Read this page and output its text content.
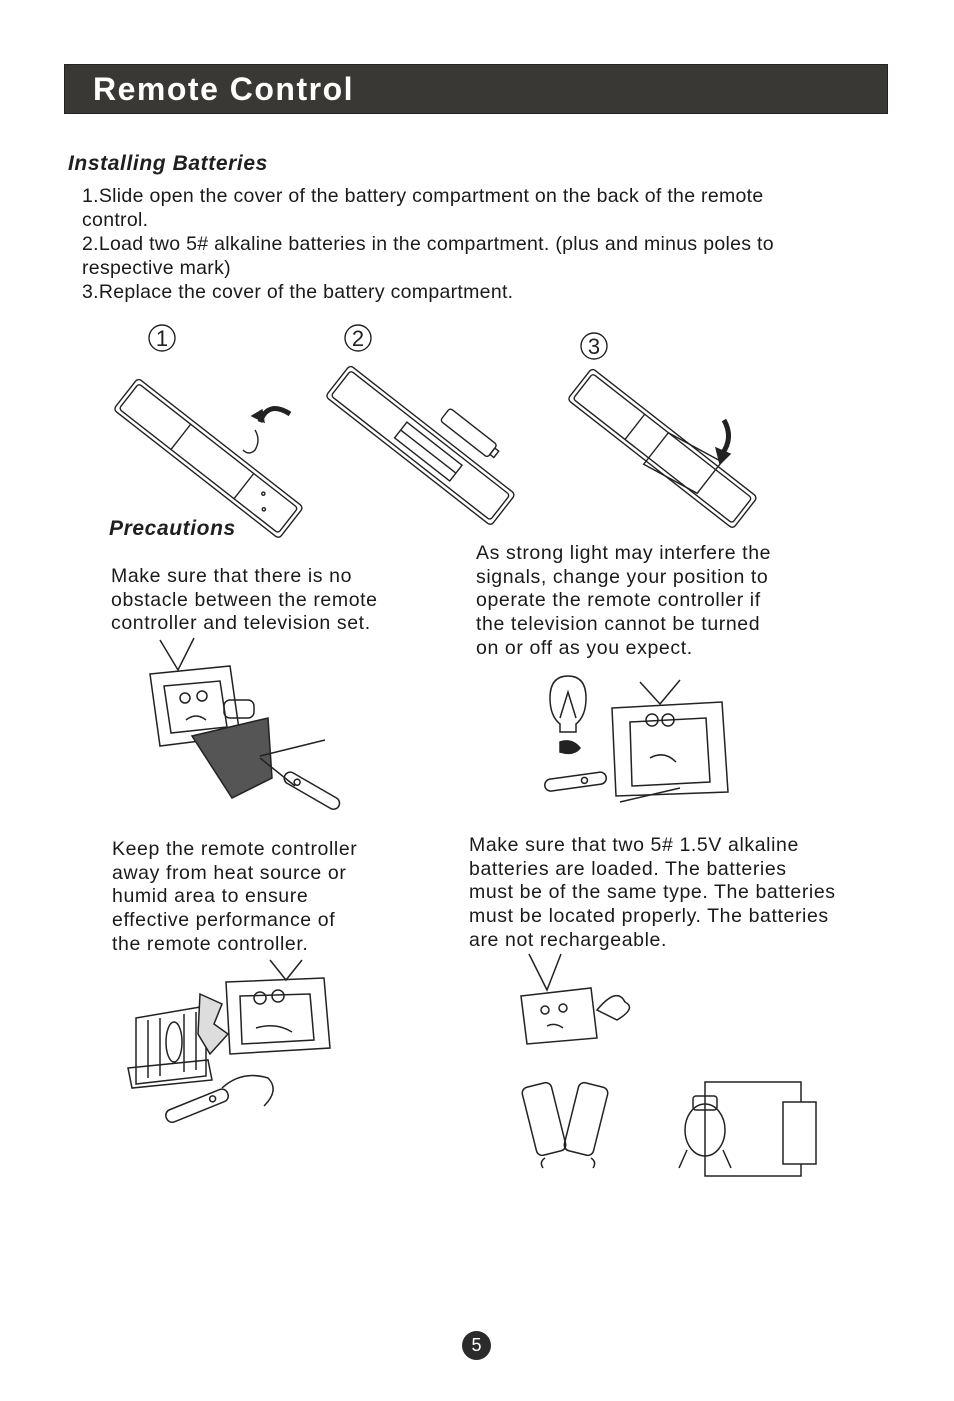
Remote Control
Installing Batteries
1.Slide open the cover of the battery compartment on the back of the remote
control.
2.Load two 5# alkaline batteries in the compartment. (plus and minus poles to
respective mark)
3.Replace the cover of the battery compartment.
1	2	3
Precautions
Make sure that there is no
obstacle between the remote
controller and television set.
As strong light may interfere the
signals, change your position to
operate the remote controller if
the television cannot be turned
on or off as you expect.
Keep the remote controller
away from heat source or
humid area to ensure
effective performance of
the remote controller.
Make sure that two 5# 1.5V alkaline
batteries are loaded. The batteries
must be of the same type. The batteries
must be located properly. The batteries
are not rechargeable.
5
